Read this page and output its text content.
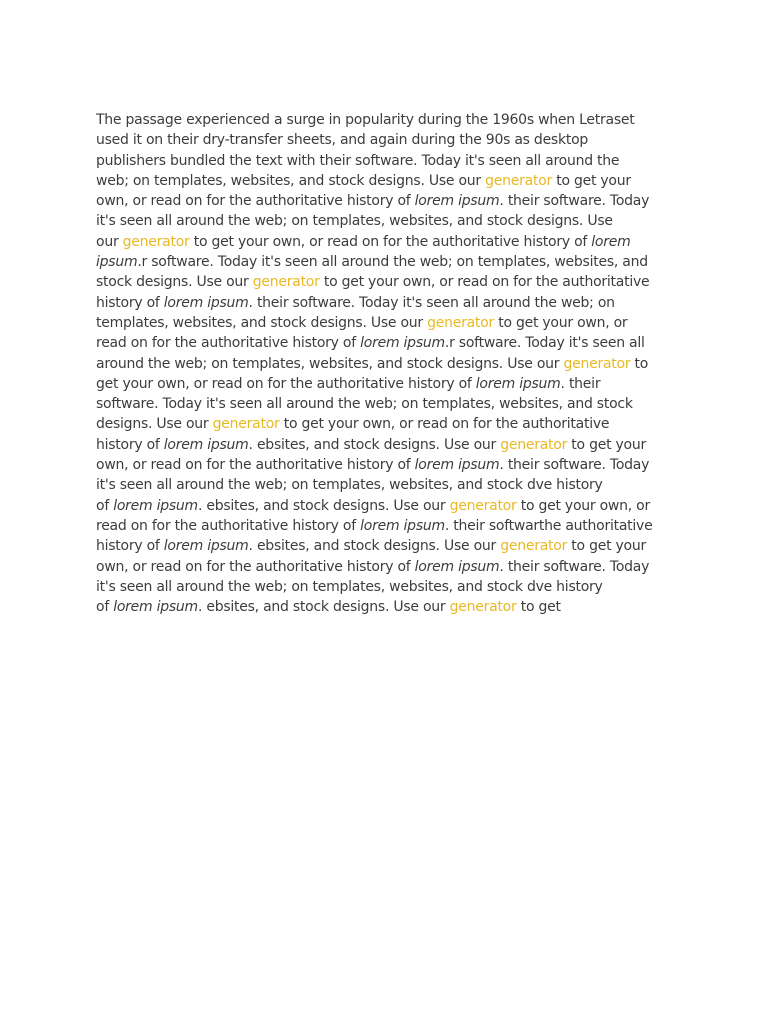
The passage experienced a surge in popularity during the 1960s when Letraset
used it on their dry-transfer sheets, and again during the 90s as desktop
publishers bundled the text with their software. Today it's seen all around the
web; on templates, websites, and stock designs. Use our generator to get your
own, or read on for the authoritative history of lorem ipsum. their software. Today
it's seen all around the web; on templates, websites, and stock designs. Use
our generator to get your own, or read on for the authoritative history of lorem
ipsum.r software. Today it's seen all around the web; on templates, websites, and
stock designs. Use our generator to get your own, or read on for the authoritative
history of lorem ipsum. their software. Today it's seen all around the web; on
templates, websites, and stock designs. Use our generator to get your own, or
read on for the authoritative history of lorem ipsum.r software. Today it's seen all
around the web; on templates, websites, and stock designs. Use our generator to
get your own, or read on for the authoritative history of lorem ipsum. their
software. Today it's seen all around the web; on templates, websites, and stock
designs. Use our generator to get your own, or read on for the authoritative
history of lorem ipsum. ebsites, and stock designs. Use our generator to get your
own, or read on for the authoritative history of lorem ipsum. their software. Today
it's seen all around the web; on templates, websites, and stock dve history
of lorem ipsum. ebsites, and stock designs. Use our generator to get your own, or
read on for the authoritative history of lorem ipsum. their softwarthe authoritative
history of lorem ipsum. ebsites, and stock designs. Use our generator to get your
own, or read on for the authoritative history of lorem ipsum. their software. Today
it's seen all around the web; on templates, websites, and stock dve history
of lorem ipsum. ebsites, and stock designs. Use our generator to get
